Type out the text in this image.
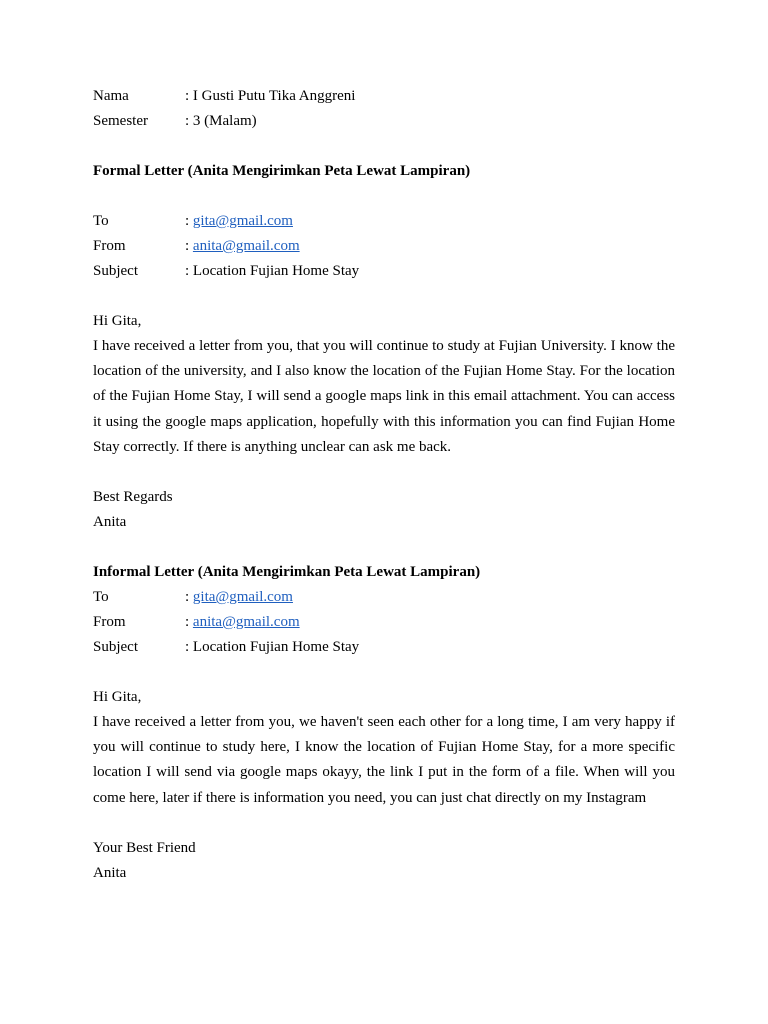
Nama	: I Gusti Putu Tika Anggreni
Semester : 3 (Malam)
Formal Letter (Anita Mengirimkan Peta Lewat Lampiran)
To	: gita@gmail.com
From	: anita@gmail.com
Subject	: Location Fujian Home Stay
Hi Gita,

I have received a letter from you, that you will continue to study at Fujian University. I know the location of the university, and I also know the location of the Fujian Home Stay. For the location of the Fujian Home Stay, I will send a google maps link in this email attachment. You can access it using the google maps application, hopefully with this information you can find Fujian Home Stay correctly. If there is anything unclear can ask me back.

Best Regards
Anita
Informal Letter (Anita Mengirimkan Peta Lewat Lampiran)
To	: gita@gmail.com
From	: anita@gmail.com
Subject	: Location Fujian Home Stay
Hi Gita,

I have received a letter from you, we haven't seen each other for a long time, I am very happy if you will continue to study here, I know the location of Fujian Home Stay, for a more specific location I will send via google maps okayy, the link I put in the form of a file. When will you come here, later if there is information you need, you can just chat directly on my Instagram

Your Best Friend
Anita
